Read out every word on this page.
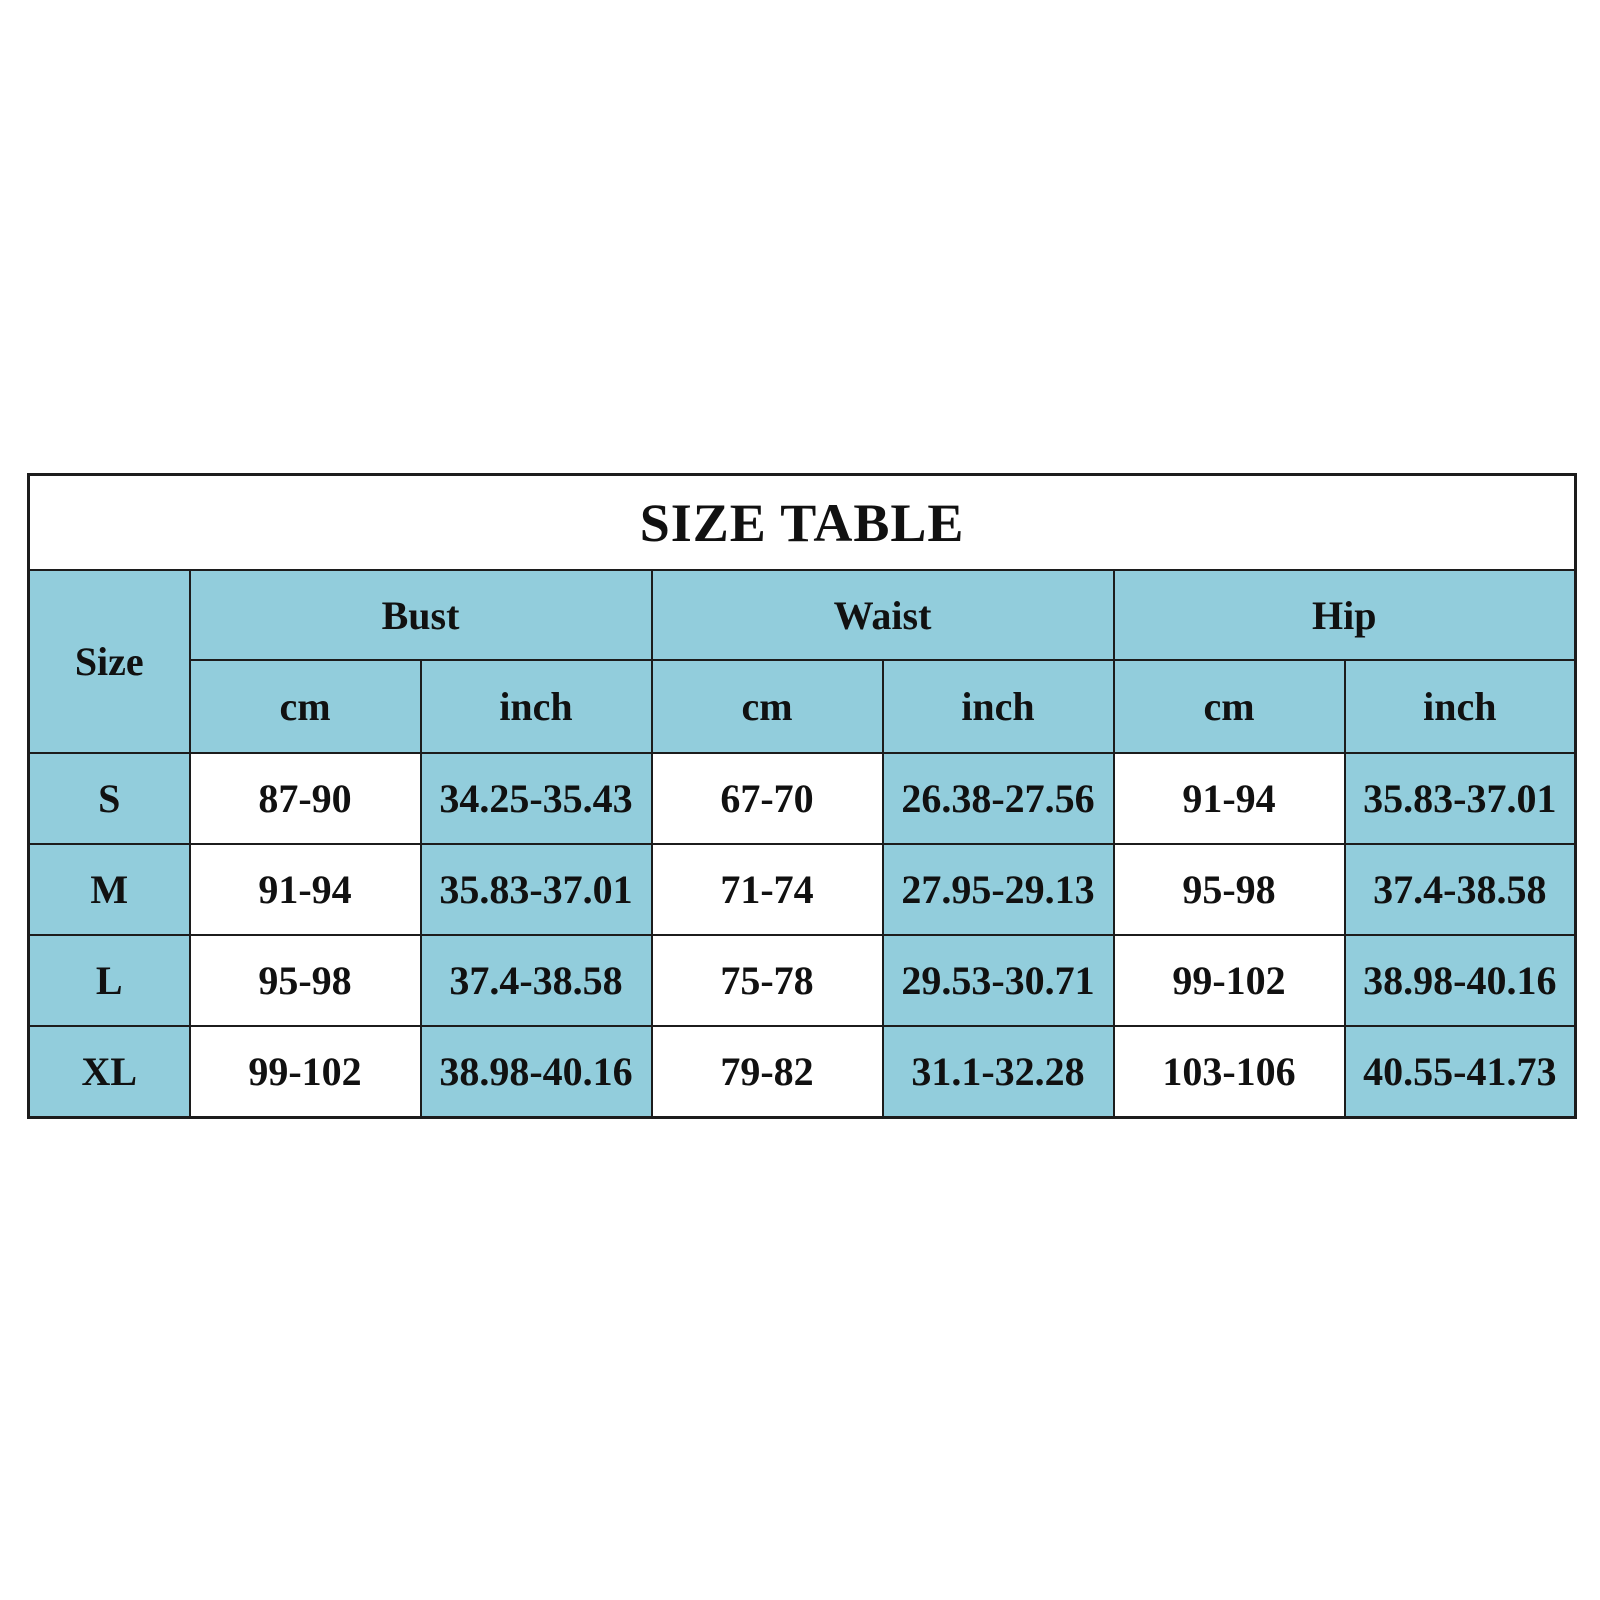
SIZE TABLE						
Size	Bust		Waist		Hip	
	cm	inch	cm	inch	cm	inch
S	87-90	34.25-35.43	67-70	26.38-27.56	91-94	35.83-37.01
M	91-94	35.83-37.01	71-74	27.95-29.13	95-98	37.4-38.58
L	95-98	37.4-38.58	75-78	29.53-30.71	99-102	38.98-40.16
XL	99-102	38.98-40.16	79-82	31.1-32.28	103-106	40.55-41.73
